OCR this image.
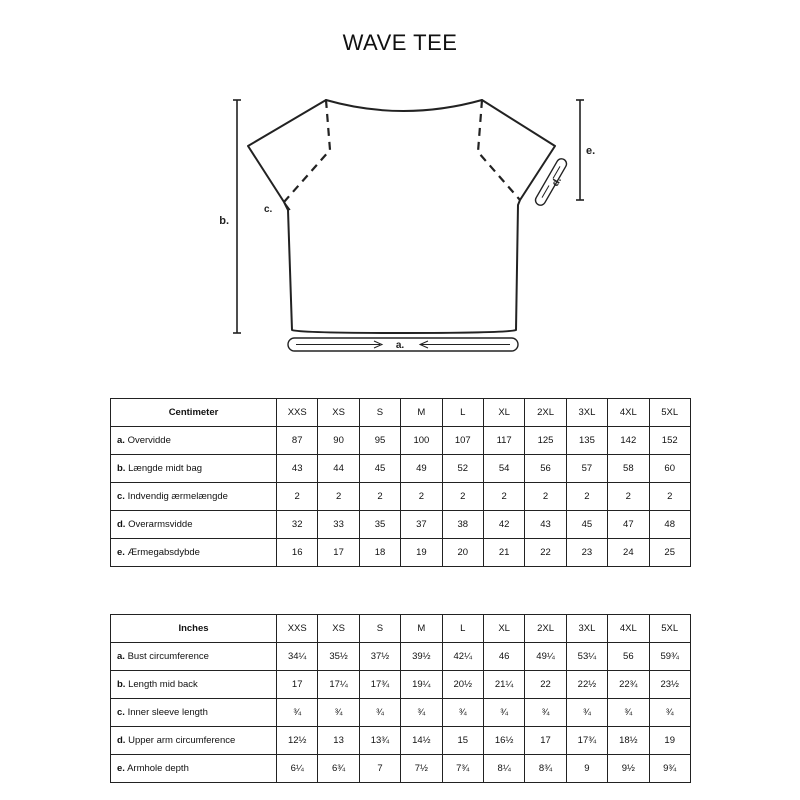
WAVE TEE
b.
e.
d.
c.
a.
Centimeter	XXS	XS	S	M	L	XL	2XL	3XL	4XL	5XL
a. Overvidde	87	90	95	100	107	117	125	135	142	152
b. Længde midt bag	43	44	45	49	52	54	56	57	58	60
c. Indvendig ærmelængde	2	2	2	2	2	2	2	2	2	2
d. Overarmsvidde	32	33	35	37	38	42	43	45	47	48
e. Ærmegabsdybde	16	17	18	19	20	21	22	23	24	25
Inches	XXS	XS	S	M	L	XL	2XL	3XL	4XL	5XL
a. Bust circumference	34¼	35½	37½	39½	42¼	46	49¼	53¼	56	59¾
b. Length mid back	17	17¼	17¾	19¼	20½	21¼	22	22½	22¾	23½
c. Inner sleeve length	¾	¾	¾	¾	¾	¾	¾	¾	¾	¾
d. Upper arm circumference	12½	13	13¾	14½	15	16½	17	17¾	18½	19
e. Armhole depth	6¼	6¾	7	7½	7¾	8¼	8¾	9	9½	9¾
